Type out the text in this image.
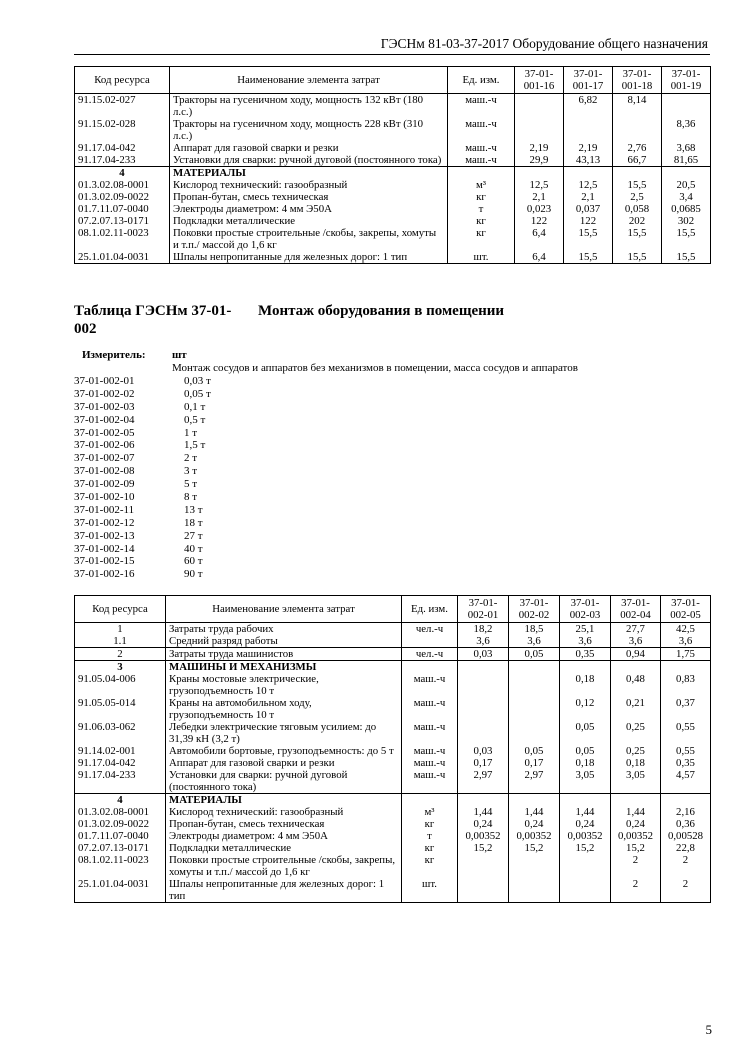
ГЭСНм 81-03-37-2017 Оборудование общего назначения
Код ресурса	Наименование элемента затрат	Ед. изм.	37-01-001-16	37-01-001-17	37-01-001-18	37-01-001-19
91.15.02-027	Тракторы на гусеничном ходу, мощность 132 кВт (180 л.с.)	маш.-ч		6,82	8,14	
91.15.02-028	Тракторы на гусеничном ходу, мощность 228 кВт (310 л.с.)	маш.-ч				8,36
91.17.04-042	Аппарат для газовой сварки и резки	маш.-ч	2,19	2,19	2,76	3,68
91.17.04-233	Установки для сварки: ручной дуговой (постоянного тока)	маш.-ч	29,9	43,13	66,7	81,65
4	МАТЕРИАЛЫ					
01.3.02.08-0001	Кислород технический: газообразный	м³	12,5	12,5	15,5	20,5
01.3.02.09-0022	Пропан-бутан, смесь техническая	кг	2,1	2,1	2,5	3,4
01.7.11.07-0040	Электроды диаметром: 4 мм Э50А	т	0,023	0,037	0,058	0,0685
07.2.07.13-0171	Подкладки металлические	кг	122	122	202	302
08.1.02.11-0023	Поковки простые строительные /скобы, закрепы, хомуты и т.п./ массой до 1,6 кг	кг	6,4	15,5	15,5	15,5
25.1.01.04-0031	Шпалы непропитанные для железных дорог: 1 тип	шт.	6,4	15,5	15,5	15,5
Таблица ГЭСНм 37-01-002
Монтаж оборудования в помещении
Измеритель: шт
Монтаж сосудов и аппаратов без механизмов в помещении, масса сосудов и аппаратов
37-01-002-01	0,03 т
37-01-002-02	0,05 т
37-01-002-03	0,1 т
37-01-002-04	0,5 т
37-01-002-05	1 т
37-01-002-06	1,5 т
37-01-002-07	2 т
37-01-002-08	3 т
37-01-002-09	5 т
37-01-002-10	8 т
37-01-002-11	13 т
37-01-002-12	18 т
37-01-002-13	27 т
37-01-002-14	40 т
37-01-002-15	60 т
37-01-002-16	90 т
Код ресурса	Наименование элемента затрат	Ед. изм.	37-01-002-01	37-01-002-02	37-01-002-03	37-01-002-04	37-01-002-05
1	Затраты труда рабочих	чел.-ч	18,2	18,5	25,1	27,7	42,5
1.1	Средний разряд работы		3,6	3,6	3,6	3,6	3,6
2	Затраты труда машинистов	чел.-ч	0,03	0,05	0,35	0,94	1,75
3	МАШИНЫ И МЕХАНИЗМЫ						
91.05.04-006	Краны мостовые электрические, грузоподъемность 10 т	маш.-ч			0,18	0,48	0,83
91.05.05-014	Краны на автомобильном ходу, грузоподъемность 10 т	маш.-ч			0,12	0,21	0,37
91.06.03-062	Лебедки электрические тяговым усилием: до 31,39 кН (3,2 т)	маш.-ч			0,05	0,25	0,55
91.14.02-001	Автомобили бортовые, грузоподъемность: до 5 т	маш.-ч	0,03	0,05	0,05	0,25	0,55
91.17.04-042	Аппарат для газовой сварки и резки	маш.-ч	0,17	0,17	0,18	0,18	0,35
91.17.04-233	Установки для сварки: ручной дуговой (постоянного тока)	маш.-ч	2,97	2,97	3,05	3,05	4,57
4	МАТЕРИАЛЫ						
01.3.02.08-0001	Кислород технический: газообразный	м³	1,44	1,44	1,44	1,44	2,16
01.3.02.09-0022	Пропан-бутан, смесь техническая	кг	0,24	0,24	0,24	0,24	0,36
01.7.11.07-0040	Электроды диаметром: 4 мм Э50А	т	0,00352	0,00352	0,00352	0,00352	0,00528
07.2.07.13-0171	Подкладки металлические	кг	15,2	15,2	15,2	15,2	22,8
08.1.02.11-0023	Поковки простые строительные /скобы, закрепы, хомуты и т.п./ массой до 1,6 кг	кг				2	2
25.1.01.04-0031	Шпалы непропитанные для железных дорог: 1 тип	шт.				2	2
5
